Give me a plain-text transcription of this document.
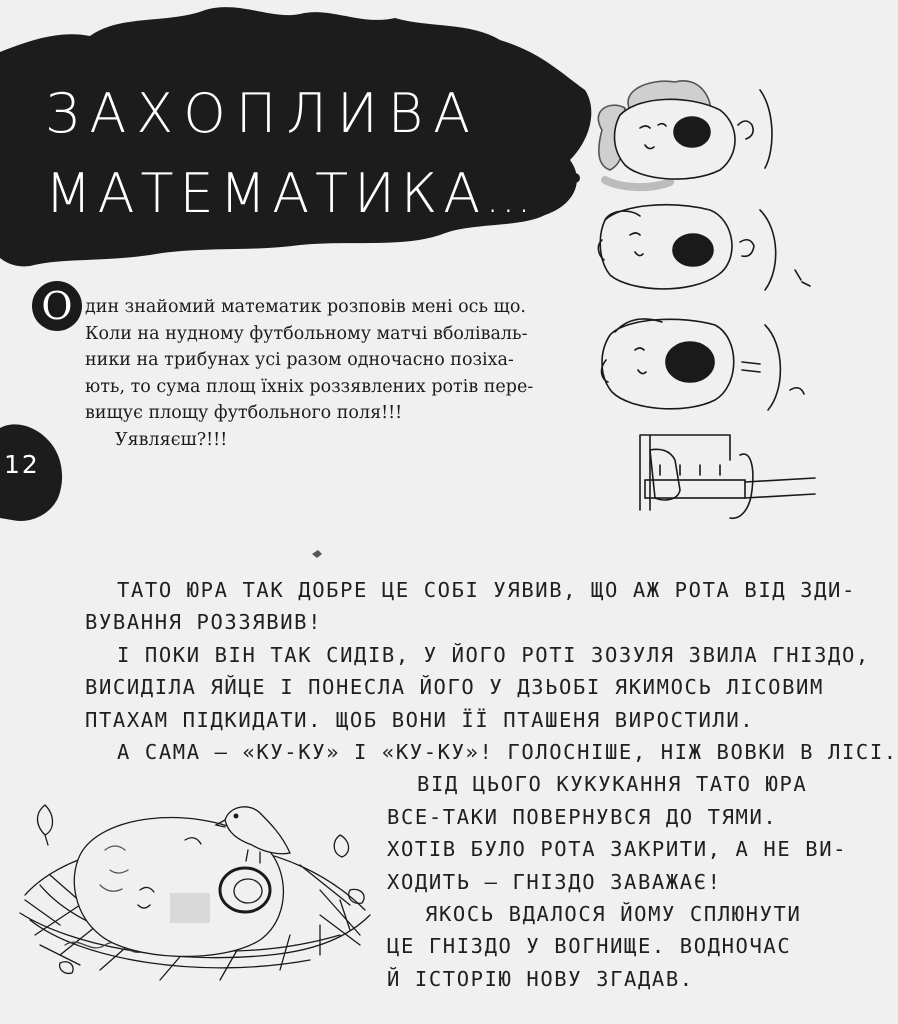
ЗАХОПЛИВА
МАТЕМАТИКА...
12
О дин знайомий математик розповів мені ось що.
Коли на нудному футбольному матчі вболіваль-
ники на трибунах усі разом одночасно позіха-
ють, то сума площ їхніх роззявлених ротів пере-
вищує площу футбольного поля!!!
Уявляєш?!!!

ТАТО ЮРА ТАК ДОБРЕ ЦЕ СОБІ УЯВИВ, ЩО АЖ РОТА ВІД ЗДИ-
ВУВАННЯ РОЗЗЯВИВ!
І ПОКИ ВІН ТАК СИДІВ, У ЙОГО РОТІ ЗОЗУЛЯ ЗВИЛА ГНІЗДО,
ВИСИДІЛА ЯЙЦЕ І ПОНЕСЛА ЙОГО У ДЗЬОБІ ЯКИМОСЬ ЛІСОВИМ
ПТАХАМ ПІДКИДАТИ. ЩОБ ВОНИ ЇЇ ПТАШЕНЯ ВИРОСТИЛИ.
А САМА — «КУ-КУ» І «КУ-КУ»! ГОЛОСНІШЕ, НІЖ ВОВКИ В ЛІСІ.
ВІД ЦЬОГО КУКУКАННЯ ТАТО ЮРА
ВСЕ-ТАКИ ПОВЕРНУВСЯ ДО ТЯМИ.
ХОТІВ БУЛО РОТА ЗАКРИТИ, А НЕ ВИ-
ХОДИТЬ — ГНІЗДО ЗАВАЖАЄ!
ЯКОСЬ ВДАЛОСЯ ЙОМУ СПЛЮНУТИ
ЦЕ ГНІЗДО У ВОГНИЩЕ. ВОДНОЧАС
Й ІСТОРІЮ НОВУ ЗГАДАВ.
